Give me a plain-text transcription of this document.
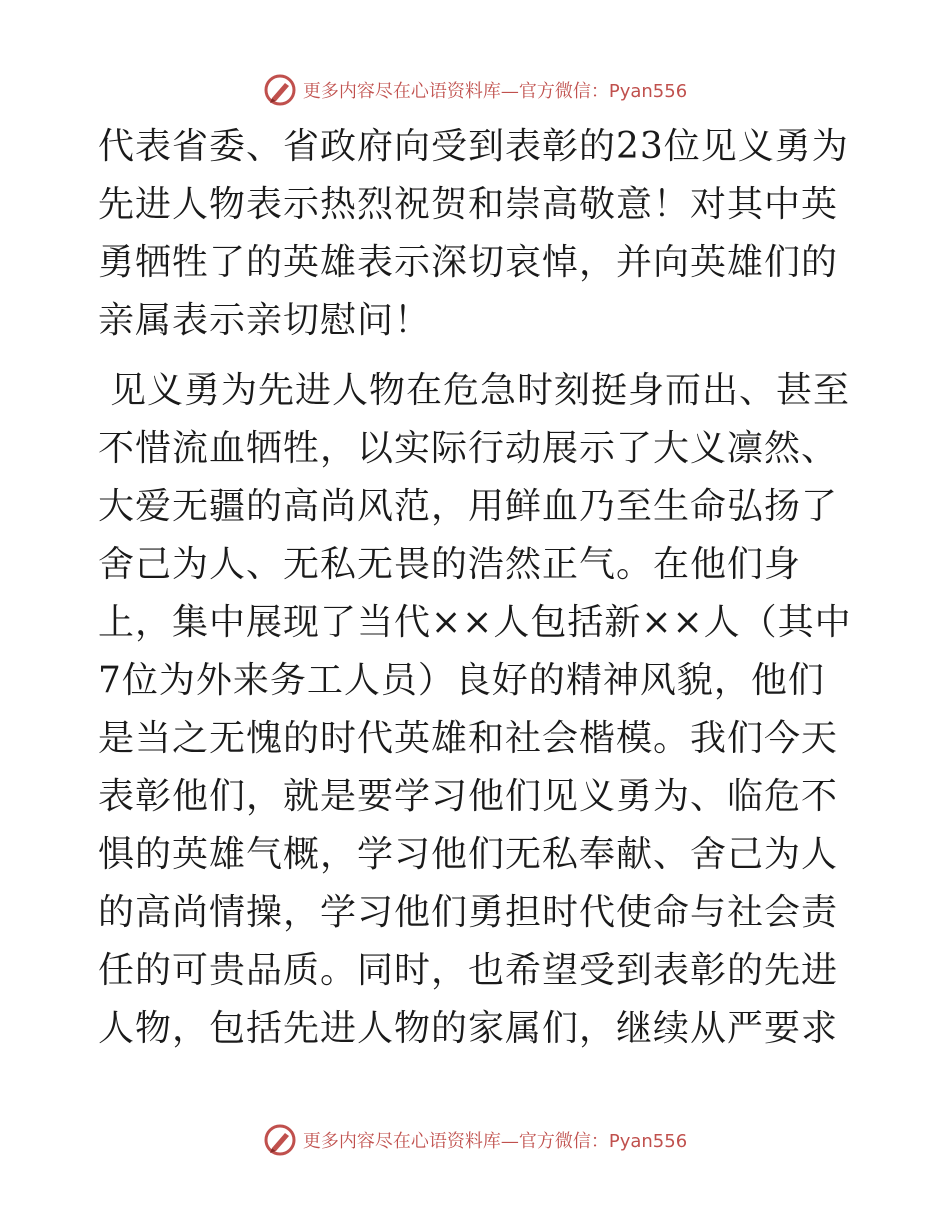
更多内容尽在心语资料库— 官方微信：Pyan556

代表省委、省政府向受到表彰的23位见义勇为先进人物表示热烈祝贺和崇高敬意！对其中英勇牺牲了的英雄表示深切哀悼，并向英雄们的亲属表示亲切慰问！

见义勇为先进人物在危急时刻挺身而出、甚至不惜流血牺牲，以实际行动展示了大义凛然、大爱无疆的高尚风范，用鲜血乃至生命弘扬了舍己为人、无私无畏的浩然正气。在他们身上，集中展现了当代××人包括新××人（其中7位为外来务工人员）良好的精神风貌，他们是当之无愧的时代英雄和社会楷模。我们今天表彰他们，就是要学习他们见义勇为、临危不惧的英雄气概，学习他们无私奉献、舍己为人的高尚情操，学习他们勇担时代使命与社会责任的可贵品质。同时，也希望受到表彰的先进人物，包括先进人物的家属们，继续从严要求

更多内容尽在心语资料库— 官方微信：Pyan556
